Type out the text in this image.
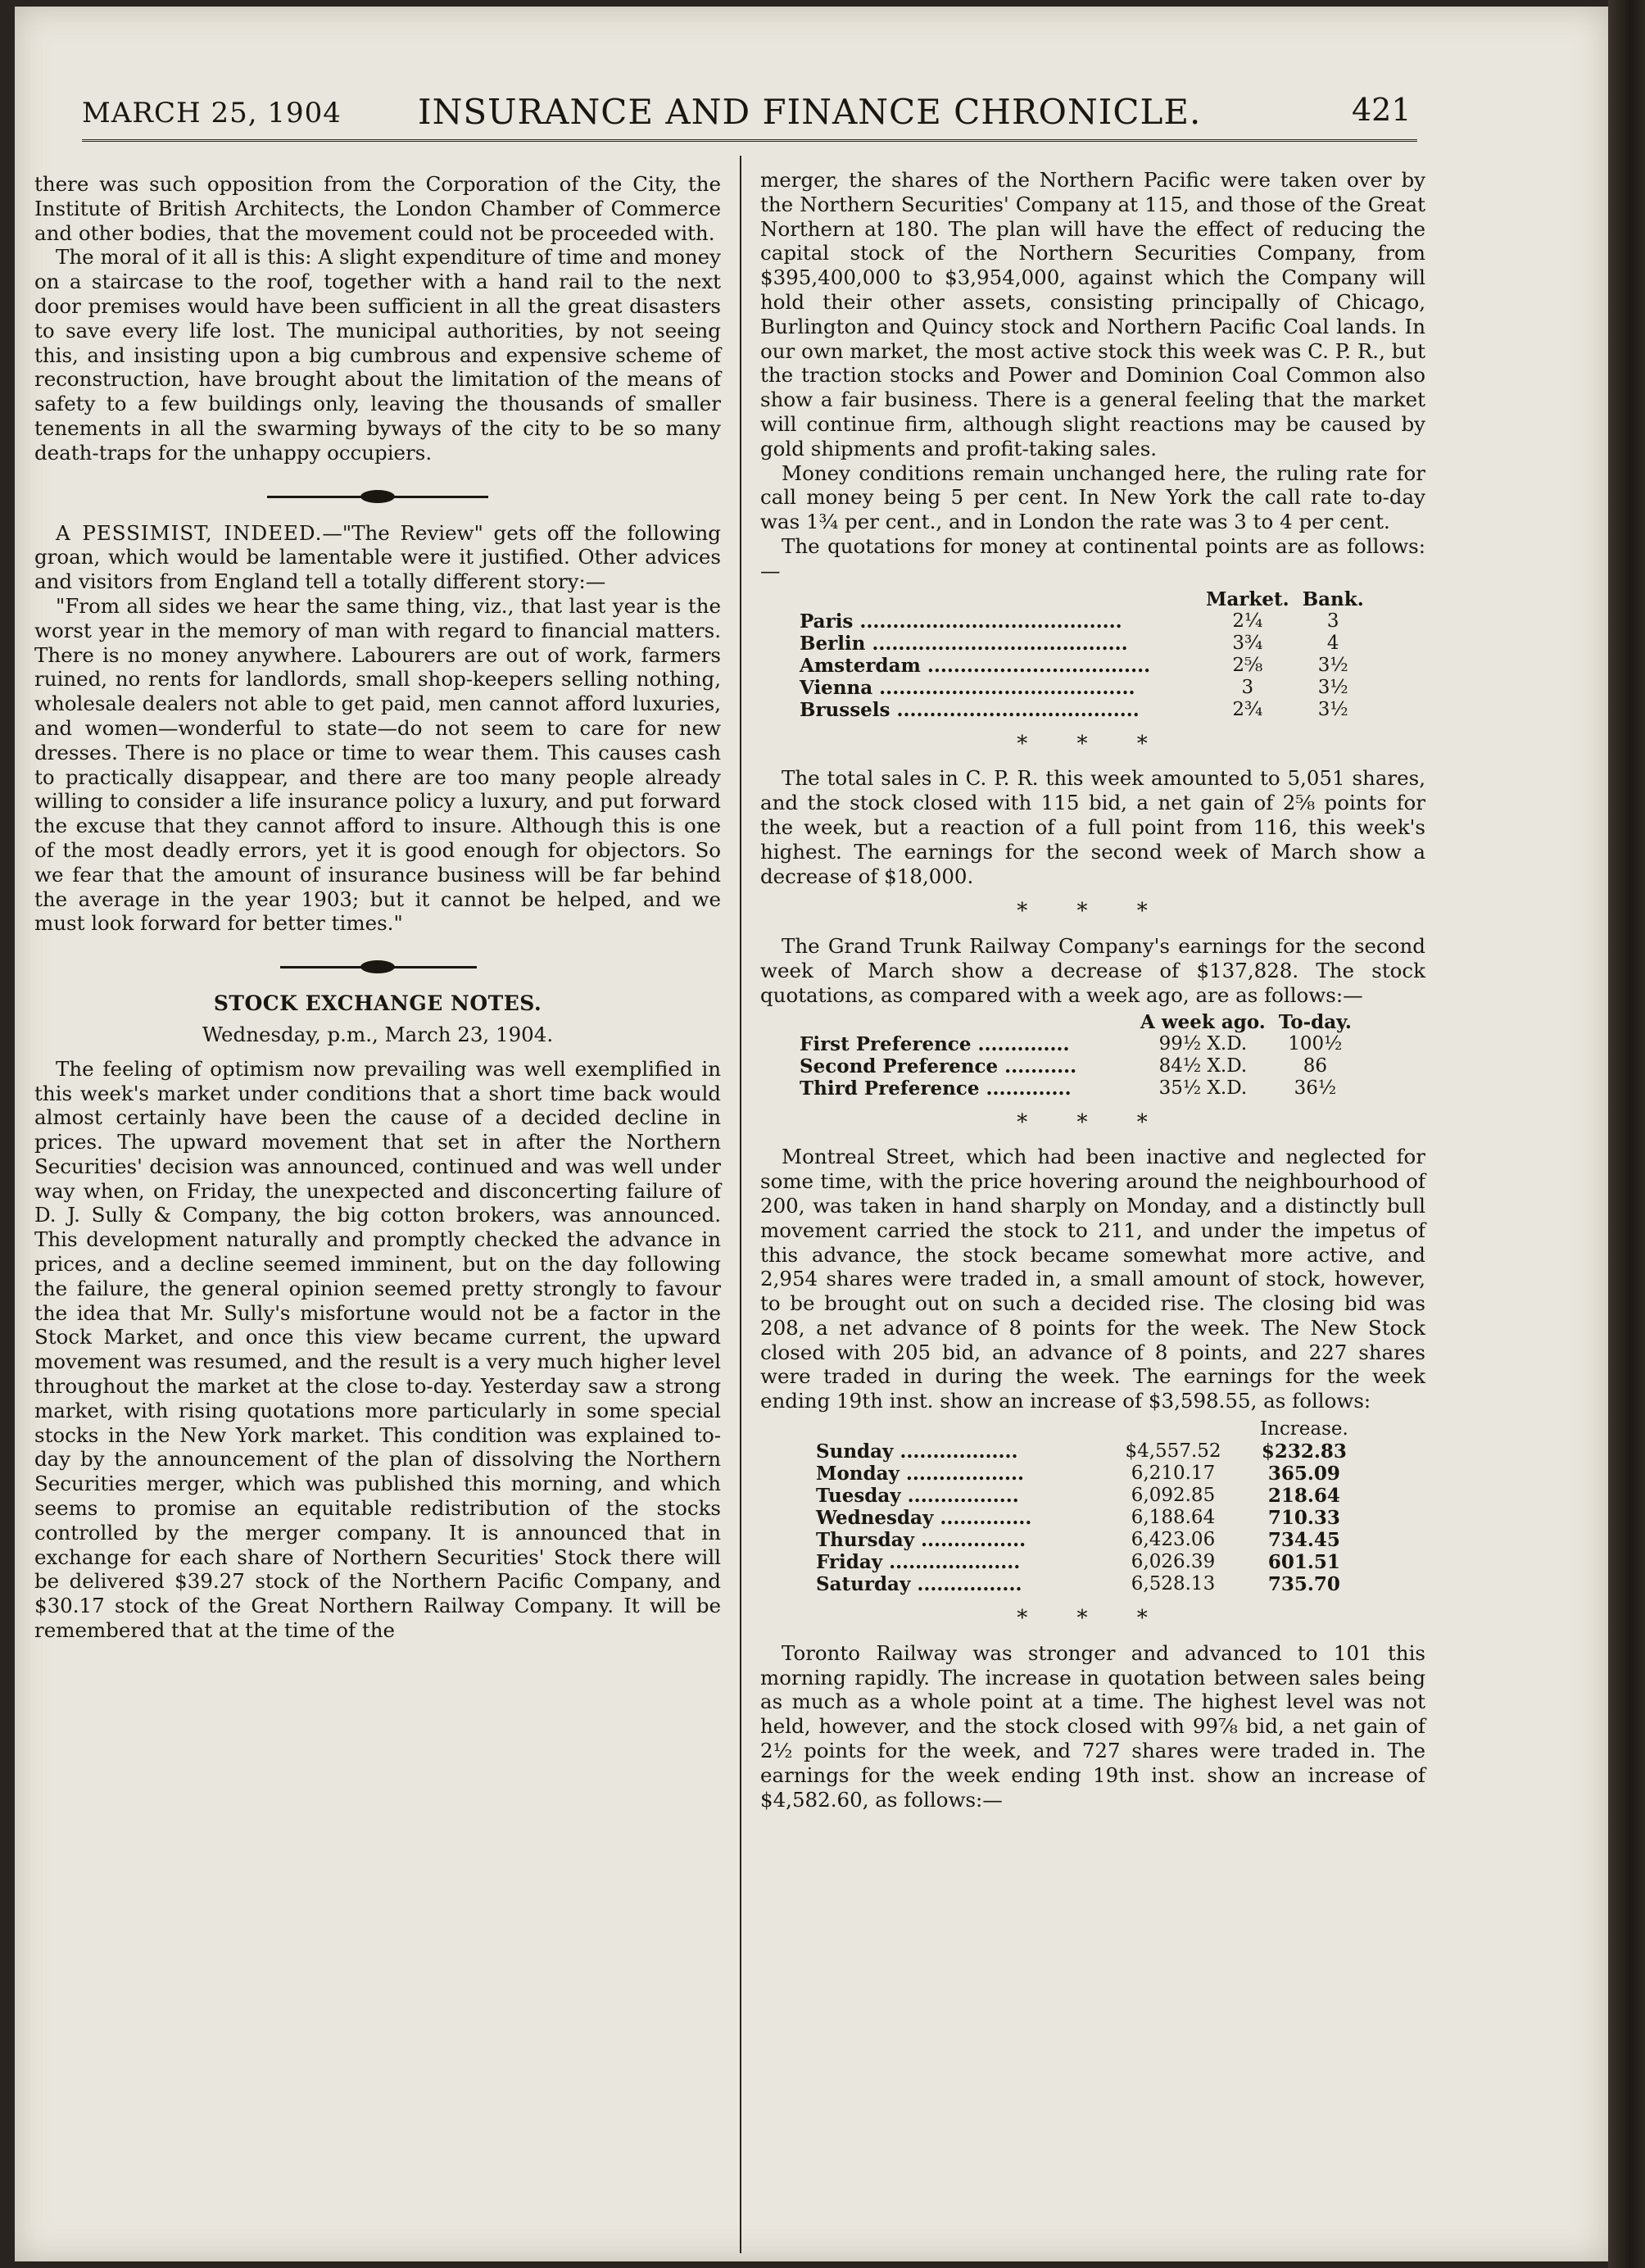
MARCH 25, 1904 INSURANCE AND FINANCE CHRONICLE.	421

there was such opposition from the Corporation of the City, the Institute of British Architects, the London Chamber of Commerce and other bodies, that the movement could not be proceeded with.

The moral of it all is this: A slight expenditure of time and money on a staircase to the roof, together with a hand rail to the next door premises would have been sufficient in all the great disasters to save every life lost. The municipal authorities, by not seeing this, and insisting upon a big cumbrous and expensive scheme of reconstruction, have brought about the limitation of the means of safety to a few buildings only, leaving the thousands of smaller tenements in all the swarming byways of the city to be so many death-traps for the unhappy occupiers.

A PESSIMIST, INDEED.—"The Review" gets off the following groan, which would be lamentable were it justified. Other advices and visitors from England tell a totally different story:—

"From all sides we hear the same thing, viz., that last year is the worst year in the memory of man with regard to financial matters. There is no money anywhere. Labourers are out of work, farmers ruined, no rents for landlords, small shop-keepers selling nothing, wholesale dealers not able to get paid, men cannot afford luxuries, and women—wonderful to state—do not seem to care for new dresses. There is no place or time to wear them. This causes cash to practically disappear, and there are too many people already willing to consider a life insurance policy a luxury, and put forward the excuse that they cannot afford to insure. Although this is one of the most deadly errors, yet it is good enough for objectors. So we fear that the amount of insurance business will be far behind the average in the year 1903; but it cannot be helped, and we must look forward for better times."

STOCK EXCHANGE NOTES.
Wednesday, p.m., March 23, 1904.

The feeling of optimism now prevailing was well exemplified in this week's market under conditions that a short time back would almost certainly have been the cause of a decided decline in prices. The upward movement that set in after the Northern Securities' decision was announced, continued and was well under way when, on Friday, the unexpected and disconcerting failure of D. J. Sully & Company, the big cotton brokers, was announced. This development naturally and promptly checked the advance in prices, and a decline seemed imminent, but on the day following the failure, the general opinion seemed pretty strongly to favour the idea that Mr. Sully's misfortune would not be a factor in the Stock Market, and once this view became current, the upward movement was resumed, and the result is a very much higher level throughout the market at the close to-day. Yesterday saw a strong market, with rising quotations more particularly in some special stocks in the New York market. This condition was explained to-day by the announcement of the plan of dissolving the Northern Securities merger, which was published this morning, and which seems to promise an equitable redistribution of the stocks controlled by the merger company. It is announced that in exchange for each share of Northern Securities' Stock there will be delivered $39.27 stock of the Northern Pacific Company, and $30.17 stock of the Great Northern Railway Company. It will be remembered that at the time of the

merger, the shares of the Northern Pacific were taken over by the Northern Securities' Company at 115, and those of the Great Northern at 180. The plan will have the effect of reducing the capital stock of the Northern Securities Company, from $395,400,000 to $3,954,000, against which the Company will hold their other assets, consisting principally of Chicago, Burlington and Quincy stock and Northern Pacific Coal lands. In our own market, the most active stock this week was C. P. R., but the traction stocks and Power and Dominion Coal Common also show a fair business. There is a general feeling that the market will continue firm, although slight reactions may be caused by gold shipments and profit-taking sales.

Money conditions remain unchanged here, the ruling rate for call money being 5 per cent. In New York the call rate to-day was 1¾ per cent., and in London the rate was 3 to 4 per cent.

The quotations for money at continental points are as follows:—

	Market.	Bank.
Paris ........................................	2¼	3
Berlin .......................................	3¾	4
Amsterdam ..................................	2⅝	3½
Vienna .......................................	3	3½
Brussels .....................................	2¾	3½
* * *

The total sales in C. P. R. this week amounted to 5,051 shares, and the stock closed with 115 bid, a net gain of 2⅝ points for the week, but a reaction of a full point from 116, this week's highest. The earnings for the second week of March show a decrease of $18,000.

* * *

The Grand Trunk Railway Company's earnings for the second week of March show a decrease of $137,828. The stock quotations, as compared with a week ago, are as follows:—

	A week ago.	To-day.
First Preference ..............	99½ X.D.	100½
Second Preference ...........	84½ X.D.	86
Third Preference .............	35½ X.D.	36½
* * *

Montreal Street, which had been inactive and neglected for some time, with the price hovering around the neighbourhood of 200, was taken in hand sharply on Monday, and a distinctly bull movement carried the stock to 211, and under the impetus of this advance, the stock became somewhat more active, and 2,954 shares were traded in, a small amount of stock, however, to be brought out on such a decided rise. The closing bid was 208, a net advance of 8 points for the week. The New Stock closed with 205 bid, an advance of 8 points, and 227 shares were traded in during the week. The earnings for the week ending 19th inst. show an increase of $3,598.55, as follows:

		Increase.
Sunday ..................	$4,557.52	$232.83
Monday ..................	6,210.17	365.09
Tuesday .................	6,092.85	218.64
Wednesday ..............	6,188.64	710.33
Thursday ................	6,423.06	734.45
Friday ....................	6,026.39	601.51
Saturday ................	6,528.13	735.70
* * *

Toronto Railway was stronger and advanced to 101 this morning rapidly. The increase in quotation between sales being as much as a whole point at a time. The highest level was not held, however, and the stock closed with 99⅞ bid, a net gain of 2½ points for the week, and 727 shares were traded in. The earnings for the week ending 19th inst. show an increase of $4,582.60, as follows:—
